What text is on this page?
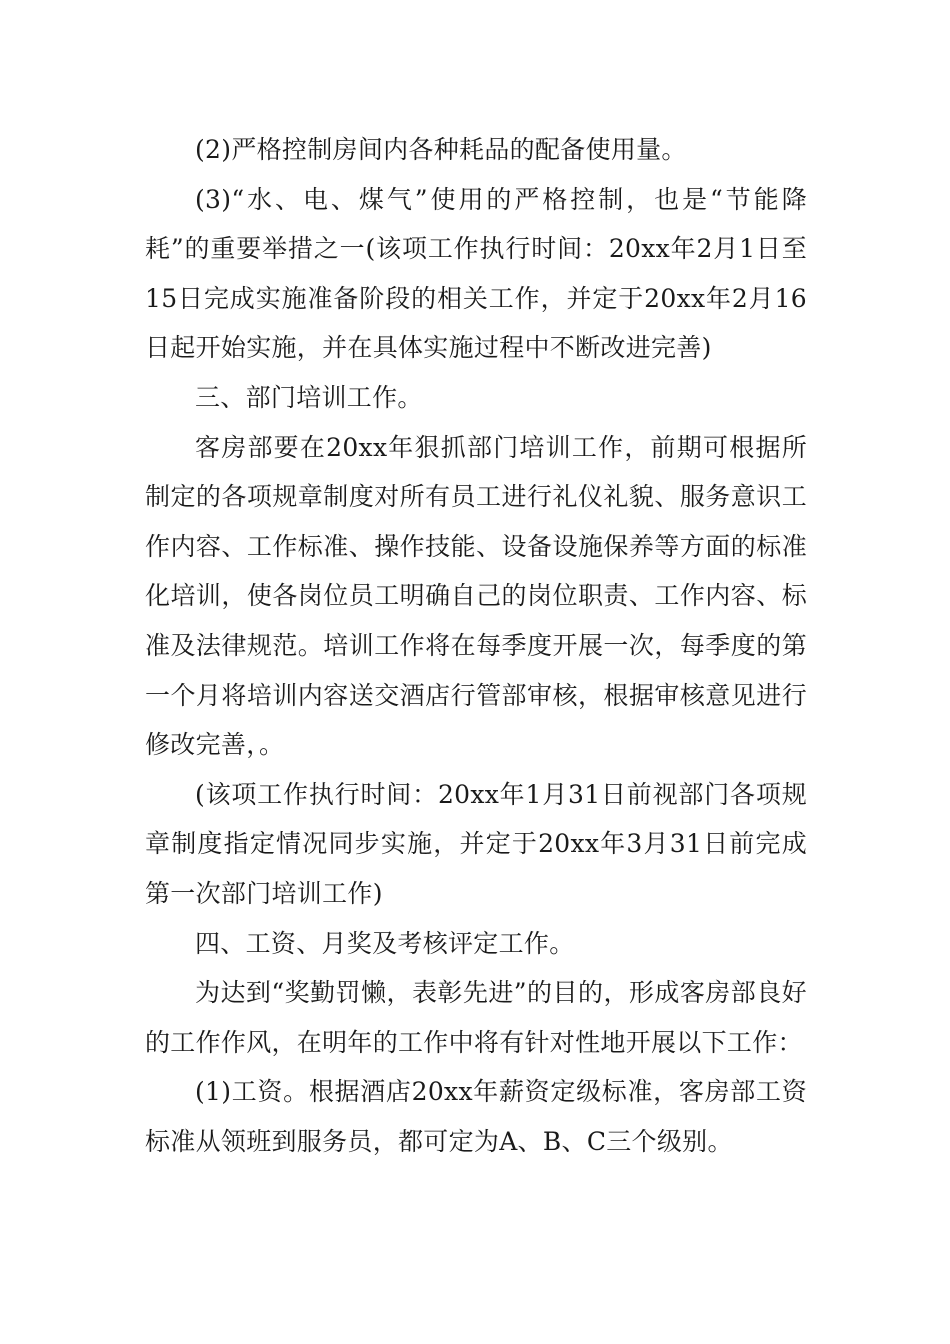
(2)严格控制房间内各种耗品的配备使用量。

(3)“水、电、煤气”使用的严格控制，也是“节能降耗”的重要举措之一(该项工作执行时间：20xx年2月1日至15日完成实施准备阶段的相关工作，并定于20xx年2月16日起开始实施，并在具体实施过程中不断改进完善)

三、部门培训工作。

客房部要在20xx年狠抓部门培训工作，前期可根据所制定的各项规章制度对所有员工进行礼仪礼貌、服务意识工作内容、工作标准、操作技能、设备设施保养等方面的标准化培训，使各岗位员工明确自己的岗位职责、工作内容、标准及法律规范。培训工作将在每季度开展一次，每季度的第一个月将培训内容送交酒店行管部审核，根据审核意见进行修改完善，。

(该项工作执行时间：20xx年1月31日前视部门各项规章制度指定情况同步实施，并定于20xx年3月31日前完成第一次部门培训工作)

四、工资、月奖及考核评定工作。

为达到“奖勤罚懒，表彰先进”的目的，形成客房部良好的工作作风，在明年的工作中将有针对性地开展以下工作：

(1)工资。根据酒店20xx年薪资定级标准，客房部工资标准从领班到服务员，都可定为A、B、C三个级别。
